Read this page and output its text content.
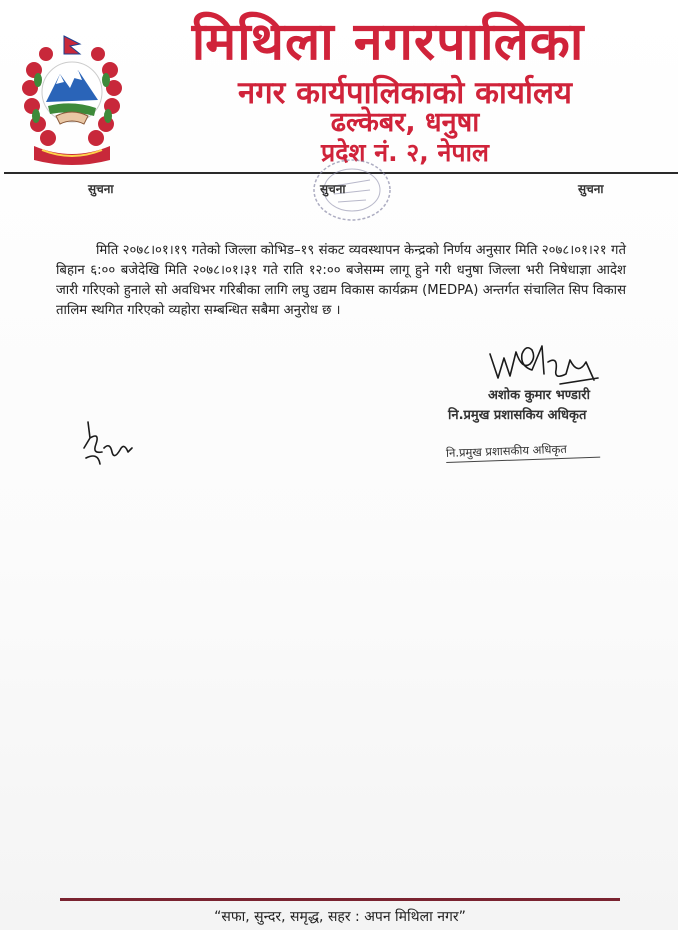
मिथिला नगरपालिका
नगर कार्यपालिकाको कार्यालय
ढल्केबर, धनुषा
प्रदेश नं. २, नेपाल
सुचना	सुचना	सुचना
मिति २०७८।०१।१९ गतेको जिल्ला कोभिड–१९ संकट व्यवस्थापन केन्द्रको निर्णय अनुसार मिति २०७८।०१।२१ गते बिहान ६:०० बजेदेखि मिति २०७८।०१।३१ गते राति १२:०० बजेसम्म लागू हुने गरी धनुषा जिल्ला भरी निषेधाज्ञा आदेश जारी गरिएको हुनाले सो अवधिभर गरिबीका लागि लघु उद्यम विकास कार्यक्रम (MEDPA) अन्तर्गत संचालित सिप विकास तालिम स्थगित गरिएको व्यहोरा सम्बन्धित सबैमा अनुरोध छ ।
अशोक कुमार भण्डारी
नि.प्रमुख प्रशासकिय अधिकृत
नि.प्रमुख प्रशासकीय अधिकृत
“सफा, सुन्दर, समृद्ध, सहर : अपन मिथिला नगर”
